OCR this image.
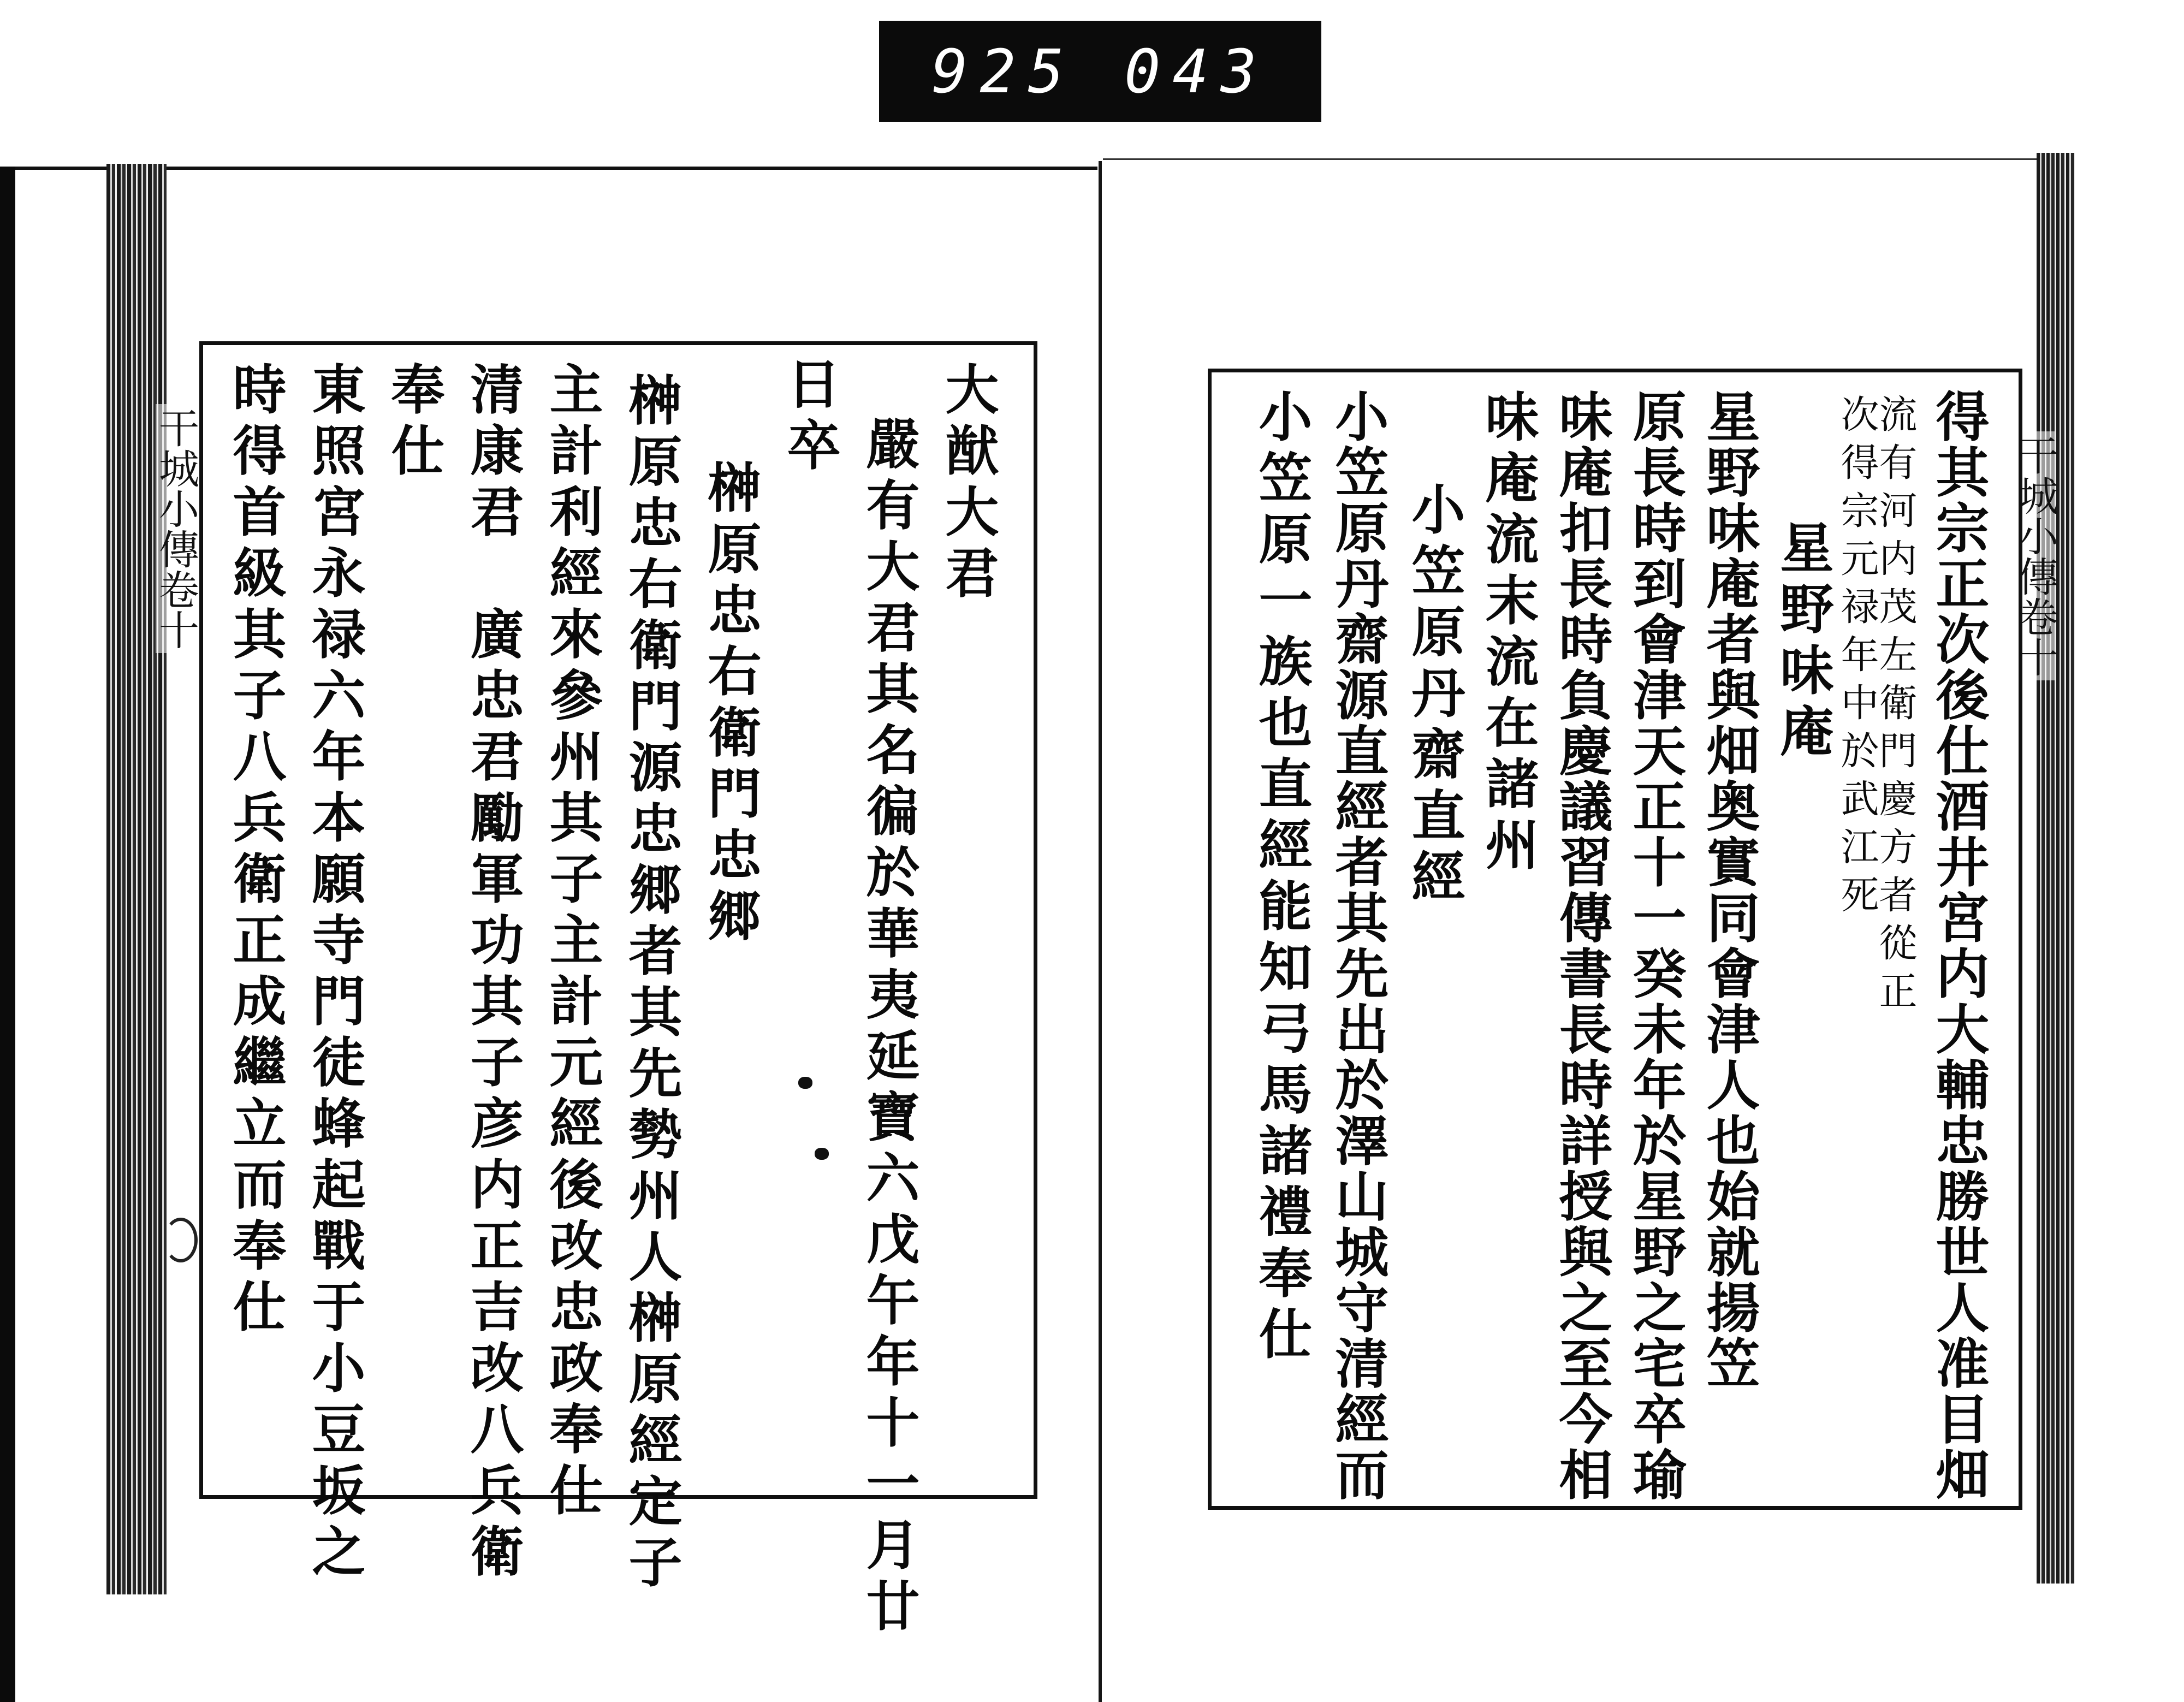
925 043
干城小傳卷十	干城小傳卷十
大猷大君
嚴有大君其名徧於華夷延寶六戊午年十一月廿
日卒
榊原忠右衛門忠郷
榊原忠右衛門源忠郷者其先勢州人榊原經定子
主計利經來參州其子主計元經後改忠政奉仕
清康君　廣忠君勵軍功其子彦内正吉改八兵衛
奉仕
東照宮永禄六年本願寺門徒蜂起戰于小豆坂之
時得首級其子八兵衛正成繼立而奉仕	得其宗正次後仕酒井宮内大輔忠勝世人准目畑
流有河内茂左衛門慶方者從正
次得宗元禄年中於武江死
星野味庵
星野味庵者與畑奥實同會津人也始就揚笠
原長時到會津天正十一癸未年於星野之宅卒瑜
味庵扣長時負慶議習傳書長時詳授與之至今相
味庵流末流在諸州
小笠原丹齋直經
小笠原丹齋源直經者其先出於澤山城守清經而
小笠原一族也直經能知弓馬諸禮奉仕
